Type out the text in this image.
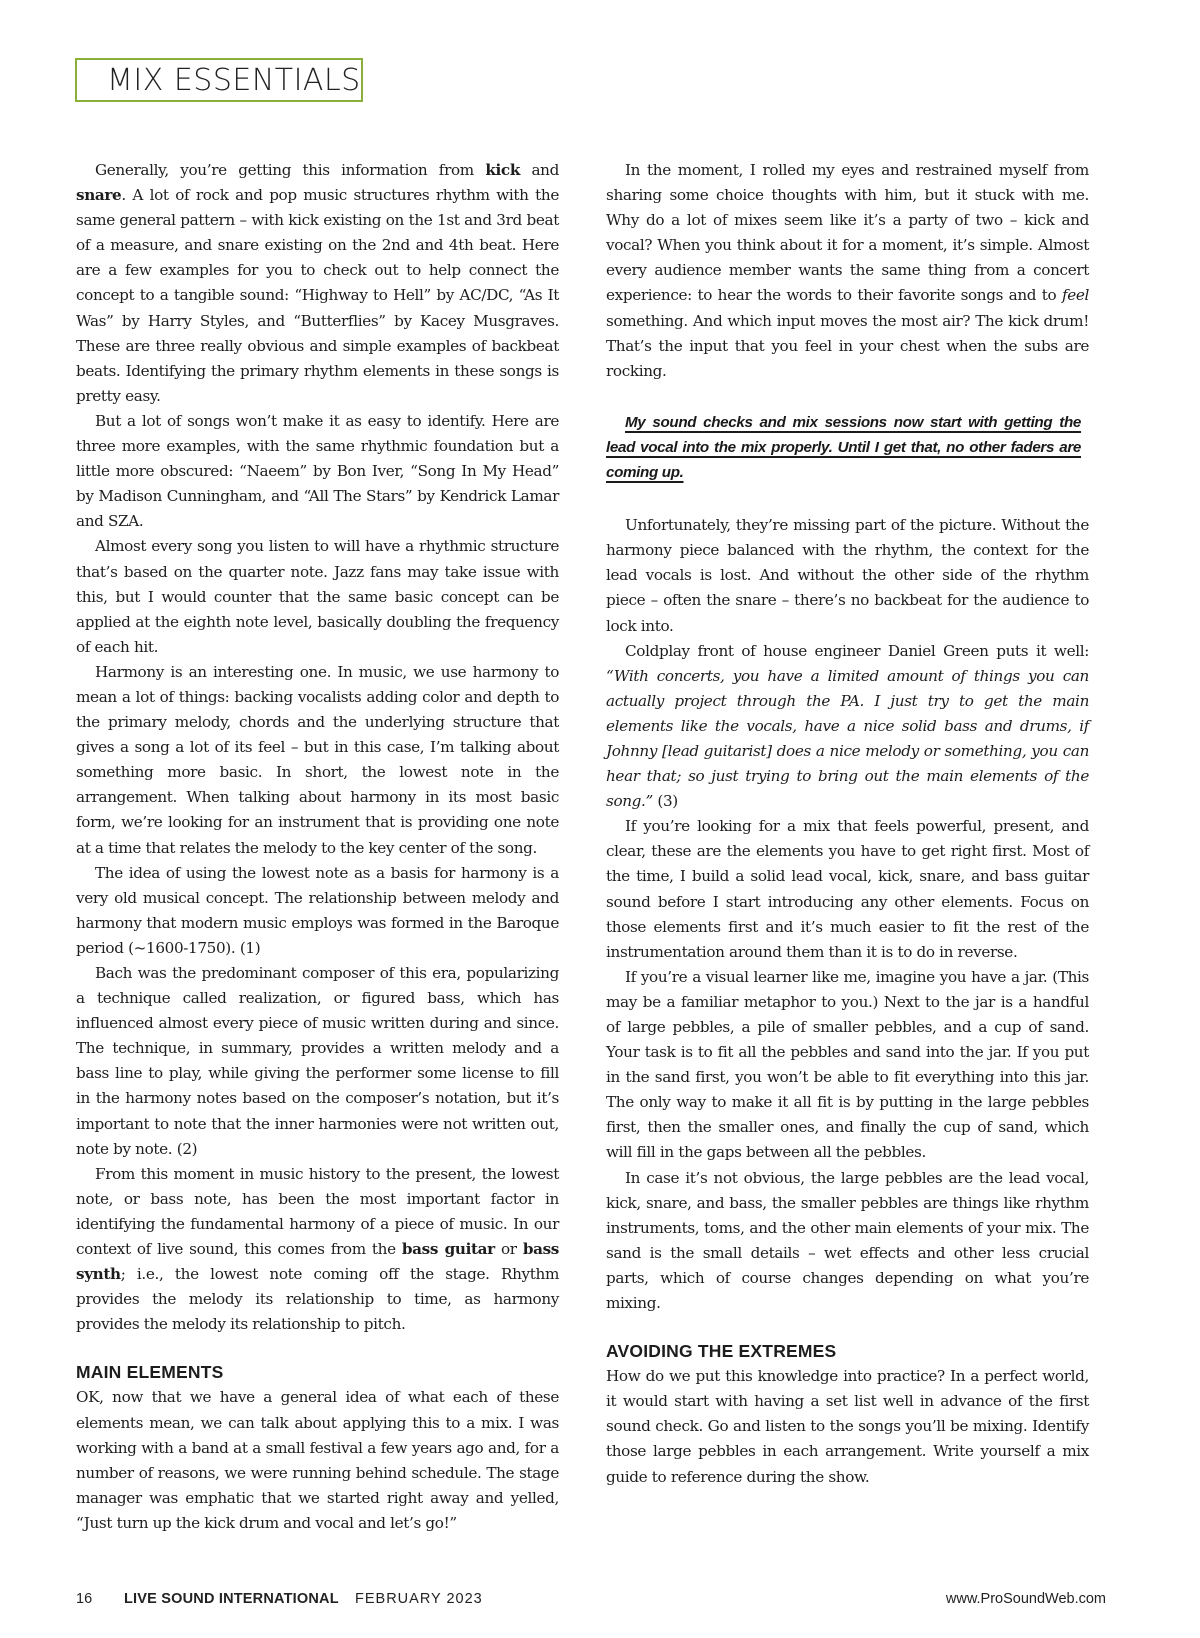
MIX ESSENTIALS

Generally, you’re getting this information from kick and snare. A lot of rock and pop music structures rhythm with the same general pattern – with kick existing on the 1st and 3rd beat of a measure, and snare existing on the 2nd and 4th beat. Here are a few examples for you to check out to help connect the concept to a tangible sound: “Highway to Hell” by AC/DC, “As It Was” by Harry Styles, and “Butterflies” by Kacey Musgraves. These are three really obvious and simple examples of backbeat beats. Identifying the primary rhythm elements in these songs is pretty easy.

But a lot of songs won’t make it as easy to identify. Here are three more examples, with the same rhythmic foundation but a little more obscured: “Naeem” by Bon Iver, “Song In My Head” by Madison Cunningham, and “All The Stars” by Kendrick Lamar and SZA.

Almost every song you listen to will have a rhythmic structure that’s based on the quarter note. Jazz fans may take issue with this, but I would counter that the same basic concept can be applied at the eighth note level, basically doubling the frequency of each hit.

Harmony is an interesting one. In music, we use harmony to mean a lot of things: backing vocalists adding color and depth to the primary melody, chords and the underlying structure that gives a song a lot of its feel – but in this case, I’m talking about something more basic. In short, the lowest note in the arrangement. When talking about harmony in its most basic form, we’re looking for an instrument that is providing one note at a time that relates the melody to the key center of the song.

The idea of using the lowest note as a basis for harmony is a very old musical concept. The relationship between melody and harmony that modern music employs was formed in the Baroque period (~1600-1750). (1)

Bach was the predominant composer of this era, popularizing a technique called realization, or figured bass, which has influenced almost every piece of music written during and since. The technique, in summary, provides a written melody and a bass line to play, while giving the performer some license to fill in the harmony notes based on the composer’s notation, but it’s important to note that the inner harmonies were not written out, note by note. (2)

From this moment in music history to the present, the lowest note, or bass note, has been the most important factor in identifying the fundamental harmony of a piece of music. In our context of live sound, this comes from the bass guitar or bass synth; i.e., the lowest note coming off the stage. Rhythm provides the melody its relationship to time, as harmony provides the melody its relationship to pitch.

MAIN ELEMENTS

OK, now that we have a general idea of what each of these elements mean, we can talk about applying this to a mix. I was working with a band at a small festival a few years ago and, for a number of reasons, we were running behind schedule. The stage manager was emphatic that we started right away and yelled, “Just turn up the kick drum and vocal and let’s go!”

In the moment, I rolled my eyes and restrained myself from sharing some choice thoughts with him, but it stuck with me. Why do a lot of mixes seem like it’s a party of two – kick and vocal? When you think about it for a moment, it’s simple. Almost every audience member wants the same thing from a concert experience: to hear the words to their favorite songs and to feel something. And which input moves the most air? The kick drum! That’s the input that you feel in your chest when the subs are rocking.

My sound checks and mix sessions now start with getting the lead vocal into the mix properly. Until I get that, no other faders are coming up.

Unfortunately, they’re missing part of the picture. Without the harmony piece balanced with the rhythm, the context for the lead vocals is lost. And without the other side of the rhythm piece – often the snare – there’s no backbeat for the audience to lock into.

Coldplay front of house engineer Daniel Green puts it well: “With concerts, you have a limited amount of things you can actually project through the PA. I just try to get the main elements like the vocals, have a nice solid bass and drums, if Johnny [lead guitarist] does a nice melody or something, you can hear that; so just trying to bring out the main elements of the song.” (3)

If you’re looking for a mix that feels powerful, present, and clear, these are the elements you have to get right first. Most of the time, I build a solid lead vocal, kick, snare, and bass guitar sound before I start introducing any other elements. Focus on those elements first and it’s much easier to fit the rest of the instrumentation around them than it is to do in reverse.

If you’re a visual learner like me, imagine you have a jar. (This may be a familiar metaphor to you.) Next to the jar is a handful of large pebbles, a pile of smaller pebbles, and a cup of sand. Your task is to fit all the pebbles and sand into the jar. If you put in the sand first, you won’t be able to fit everything into this jar. The only way to make it all fit is by putting in the large pebbles first, then the smaller ones, and finally the cup of sand, which will fill in the gaps between all the pebbles.

In case it’s not obvious, the large pebbles are the lead vocal, kick, snare, and bass, the smaller pebbles are things like rhythm instruments, toms, and the other main elements of your mix. The sand is the small details – wet effects and other less crucial parts, which of course changes depending on what you’re mixing.

AVOIDING THE EXTREMES

How do we put this knowledge into practice? In a perfect world, it would start with having a set list well in advance of the first sound check. Go and listen to the songs you’ll be mixing. Identify those large pebbles in each arrangement. Write yourself a mix guide to reference during the show.

16 LIVE SOUND INTERNATIONAL FEBRUARY 2023	www.ProSoundWeb.com
